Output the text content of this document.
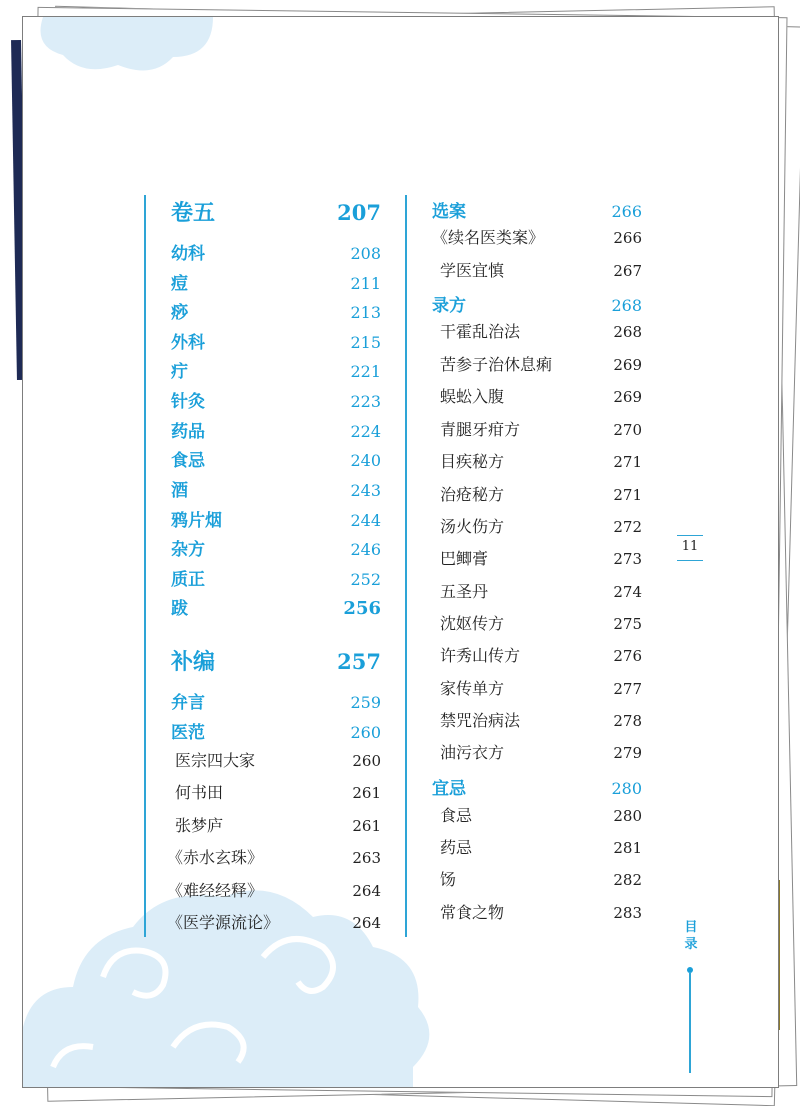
卷五	207
幼科	208
痘	211
痧	213
外科	215
疔	221
针灸	223
药品	224
食忌	240
酒	243
鸦片烟	244
杂方	246
质正	252
跋	256
补编	257
弁言	259
医范	260
医宗四大家	260
何书田	261
张梦庐	261
《赤水玄珠》	263
《难经经释》	264
《医学源流论》	264
选案	266
《续名医类案》	266
学医宜慎	267
录方	268
干霍乱治法	268
苦参子治休息痢	269
蜈蚣入腹	269
青腿牙疳方	270
目疾秘方	271
治疮秘方	271
汤火伤方	272
巴鲫膏	273
五圣丹	274
沈妪传方	275
许秀山传方	276
家传单方	277
禁咒治病法	278
油污衣方	279
宜忌	280
食忌	280
药忌	281
饧	282
常食之物	283
11
目录
